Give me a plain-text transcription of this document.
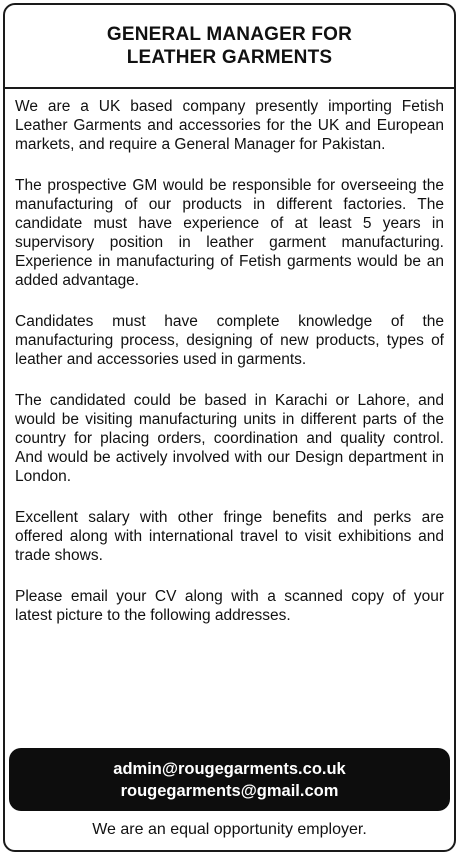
GENERAL MANAGER FOR
LEATHER GARMENTS

We are a UK based company presently importing Fetish Leather Garments and accessories for the UK and European markets, and require a General Manager for Pakistan.

The prospective GM would be responsible for overseeing the manufacturing of our products in different factories. The candidate must have experience of at least 5 years in supervisory position in leather garment manufacturing. Experience in manufacturing of Fetish garments would be an added advantage.

Candidates must have complete knowledge of the manufacturing process, designing of new products, types of leather and accessories used in garments.

The candidated could be based in Karachi or Lahore, and would be visiting manufacturing units in different parts of the country for placing orders, coordination and quality control. And would be actively involved with our Design department in London.

Excellent salary with other fringe benefits and perks are offered along with international travel to visit exhibitions and trade shows.

Please email your CV along with a scanned copy of your latest picture to the following addresses.

admin@rougegarments.co.uk
rougegarments@gmail.com
We are an equal opportunity employer.
